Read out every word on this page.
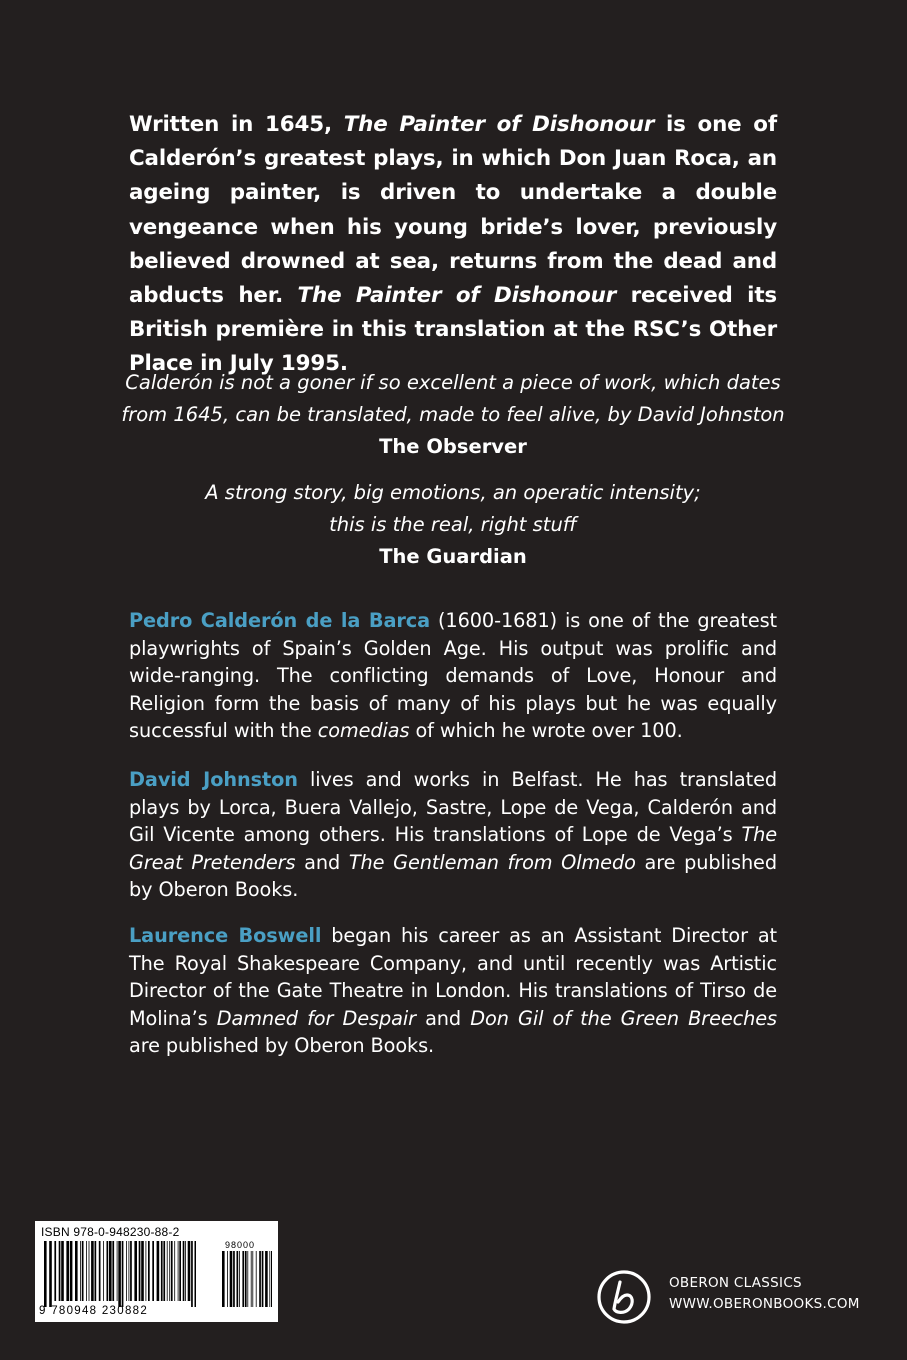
Written in 1645, The Painter of Dishonour is one of Calderón’s greatest plays, in which Don Juan Roca, an ageing painter, is driven to undertake a double vengeance when his young bride’s lover, previously believed drowned at sea, returns from the dead and abducts her. The Painter of Dishonour received its British première in this translation at the RSC’s Other Place in July 1995.

Calderón is not a goner if so excellent a piece of work, which dates
from 1645, can be translated, made to feel alive, by David Johnston
The Observer
A strong story, big emotions, an operatic intensity;
this is the real, right stuff
The Guardian

Pedro Calderón de la Barca (1600-1681) is one of the greatest playwrights of Spain’s Golden Age. His output was prolific and wide-ranging. The conflicting demands of Love, Honour and Religion form the basis of many of his plays but he was equally successful with the comedias of which he wrote over 100.

David Johnston lives and works in Belfast. He has translated plays by Lorca, Buera Vallejo, Sastre, Lope de Vega, Calderón and Gil Vicente among others. His translations of Lope de Vega’s The Great Pretenders and The Gentleman from Olmedo are published by Oberon Books.

Laurence Boswell began his career as an Assistant Director at The Royal Shakespeare Company, and until recently was Artistic Director of the Gate Theatre in London. His translations of Tirso de Molina’s Damned for Despair and Don Gil of the Green Breeches are published by Oberon Books.

ISBN 978-0-948230-88-2
98000
9 780948 230882
OBERON CLASSICS
WWW.OBERONBOOKS.COM
